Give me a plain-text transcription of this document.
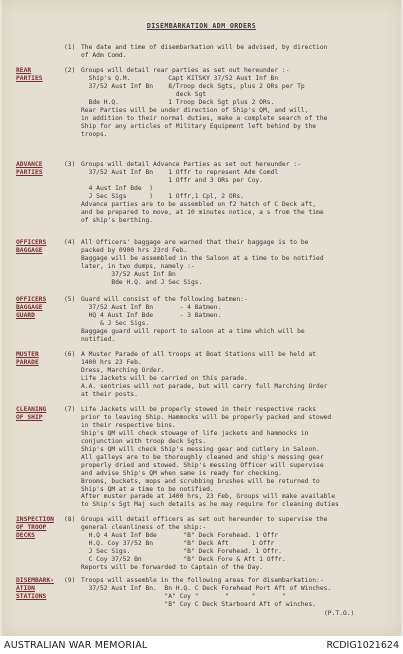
DISEMBARKATION ADM ORDERS
(1) The date and time of disembarkation will be advised, by direction
of Adm Comd.
(2)
REAR
PARTIES
Groups will detail rear parties as set out hereunder :-
Ship's Q.M.          Capt KITSKY 37/52 Aust Inf Bn
37/52 Aust Inf Bn    8/Troop deck Sgts, plus 2 ORs per Tp
deck Sgt
Bde H.Q.             1 Troop Deck Sgt plus 2 ORs.
Rear Parties will be under direction of Ship's QM, and will,
in addition to their normal duties, make a complete search of the
Ship for any articles of Military Equipment left behind by the
troops.
(3)
ADVANCE
PARTIES
Groups will detail Advance Parties as set out hereunder :-
37/52 Aust Inf Bn    1 Offr to represent Adm Comdl
1 Offr and 3 ORs per Coy.
4 Aust Inf Bde  )
J Sec Sigs      )    1 Offr,1 Cpl, 2 ORs.
Advance parties are to be assembled on f2 hatch of C Deck aft,
and be prepared to move, at 10 minutes notice, a s from the time
of ship's berthing.
(4)
OFFICERS
BAGGAGE
All Officers' baggage are warned that their baggage is to be
packed by 0900 hrs 23rd Feb.
Baggage will be assembled in the Saloon at a time to be notified
later, in two dumps, namely :-
37/52 Aust Inf Bn
Bde H.Q. and J Sec Sigs.
(5)
OFFICERS
BAGGAGE
GUARD
Guard will consist of the following batmen:-
37/52 Aust Inf Bn       - 4 Batmen.
HQ 4 Aust Inf Bde       - 3 Batmen.
& J Sec Sigs.
Baggage guard will report to saloon at a time which will be
notified.
(6)
MUSTER
PARADE
A Muster Parade of all troops at Boat Stations will be held at
1400 hrs 23 Feb.
Dress, Marching Order.
Life Jackets will be carried on this parade.
A.A. sentries will not parade, but will carry full Marching Order
at their posts.
(7)
CLEANING
OF SHIP
Life Jackets will be properly stowed in their respective racks
prior to leaving Ship. Hammocks will be properly packed and stowed
in their respective bins.
Ship's QM will check stowage of life jackets and hammocks in
conjunction with troop deck Sgts.
Ship's QM will check Ship's messing gear and cutlery in Saloon.
All galleys are to be thoroughly cleaned and ship's messing gear
properly dried and stowed. Ship's messing Officer will supervise
and advise Ship's QM when same is ready for checking.
Brooms, buckets, mops and scrubbing brushes will be returned to
Ship's QM at a time to be notified.
After muster parade at 1400 hrs, 23 Feb, Groups will make available
to Ship's Sgt Maj such details as he may require for cleaning duties
(8)
INSPECTION
OF TROOP
DECKS
Groups will detail officers as set out hereunder to supervise the
general cleanliness of the ship:-
H.Q 4 Aust Inf Bde       "B" Deck Forehead. 1 Offr
H.Q. Coy 37/52 Bn        "B" Deck Aft      1 Offr
J Sec Sigs.              "B" Deck Forehead. 1 Offr.
C Coy 37/52 Bn           "B" Deck Fore & Aft 1 Offr.
Reports will be forwarded to Captain of the Day.
(9)
DISEMBARK-
ATION
STATIONS
Troops will assemble in the following areas for disembarkation:-
37/52 Aust Inf Bn.  Bn H.Q. C Deck Forehead Port Aft of Winches.
"A" Coy "       "      "       "
"B" Coy C Deck Starboard Aft of winches.
(P.T.O.)
AUSTRALIAN WAR MEMORIAL	RCDIG1021624
